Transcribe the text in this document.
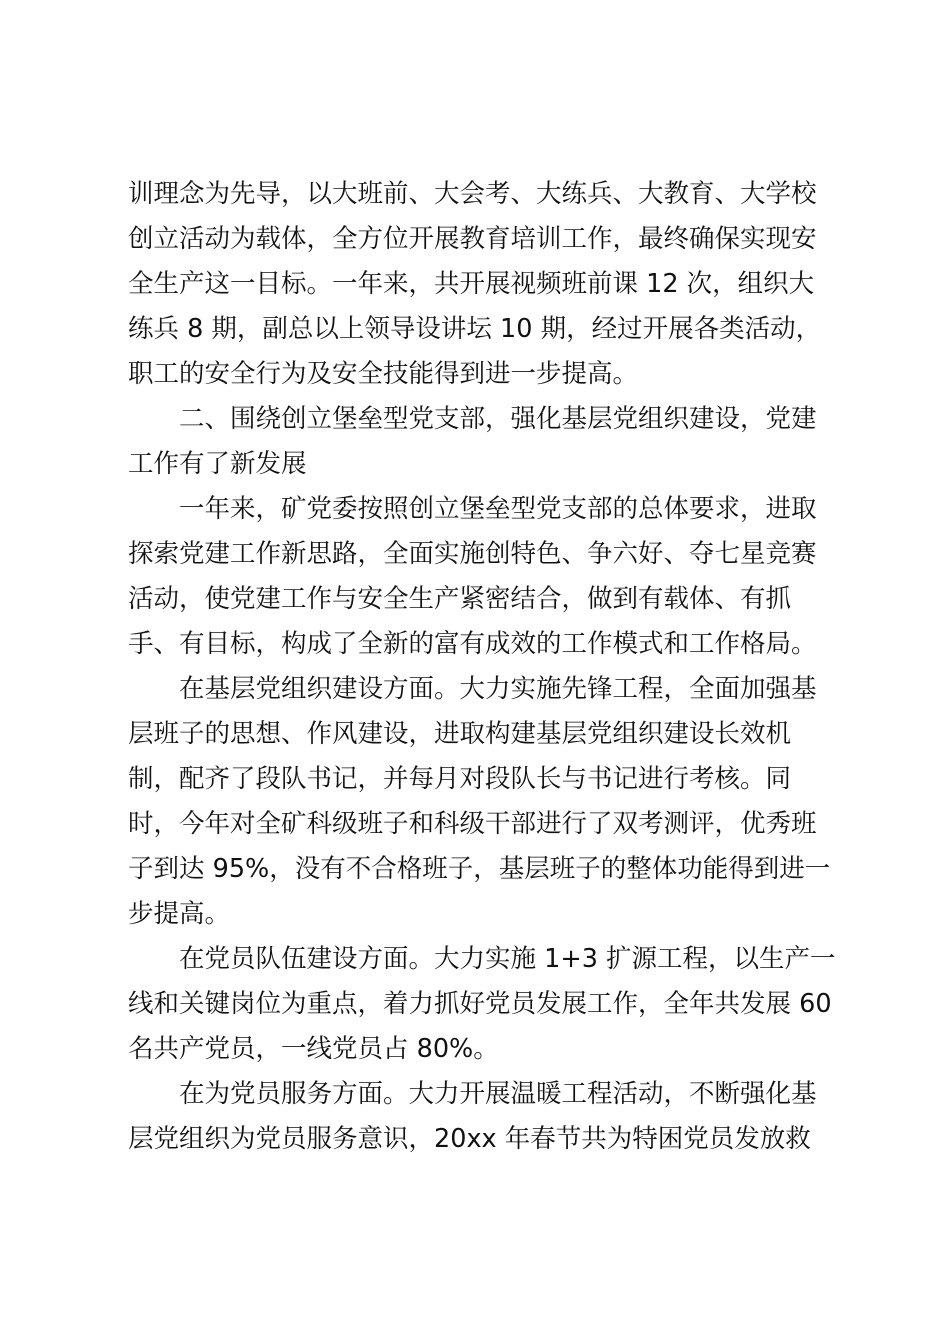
训理念为先导，以大班前、大会考、大练兵、大教育、大学校
创立活动为载体，全方位开展教育培训工作，最终确保实现安
全生产这一目标。一年来，共开展视频班前课 12 次，组织大
练兵 8 期，副总以上领导设讲坛 10 期，经过开展各类活动，
职工的安全行为及安全技能得到进一步提高。
二、围绕创立堡垒型党支部，强化基层党组织建设，党建
工作有了新发展
一年来，矿党委按照创立堡垒型党支部的总体要求，进取
探索党建工作新思路，全面实施创特色、争六好、夺七星竞赛
活动，使党建工作与安全生产紧密结合，做到有载体、有抓
手、有目标，构成了全新的富有成效的工作模式和工作格局。
在基层党组织建设方面。大力实施先锋工程，全面加强基
层班子的思想、作风建设，进取构建基层党组织建设长效机
制，配齐了段队书记，并每月对段队长与书记进行考核。同
时，今年对全矿科级班子和科级干部进行了双考测评，优秀班
子到达 95%，没有不合格班子，基层班子的整体功能得到进一
步提高。
在党员队伍建设方面。大力实施 1+3 扩源工程，以生产一
线和关键岗位为重点，着力抓好党员发展工作，全年共发展 60
名共产党员，一线党员占 80%。
在为党员服务方面。大力开展温暖工程活动，不断强化基
层党组织为党员服务意识，20xx 年春节共为特困党员发放救
